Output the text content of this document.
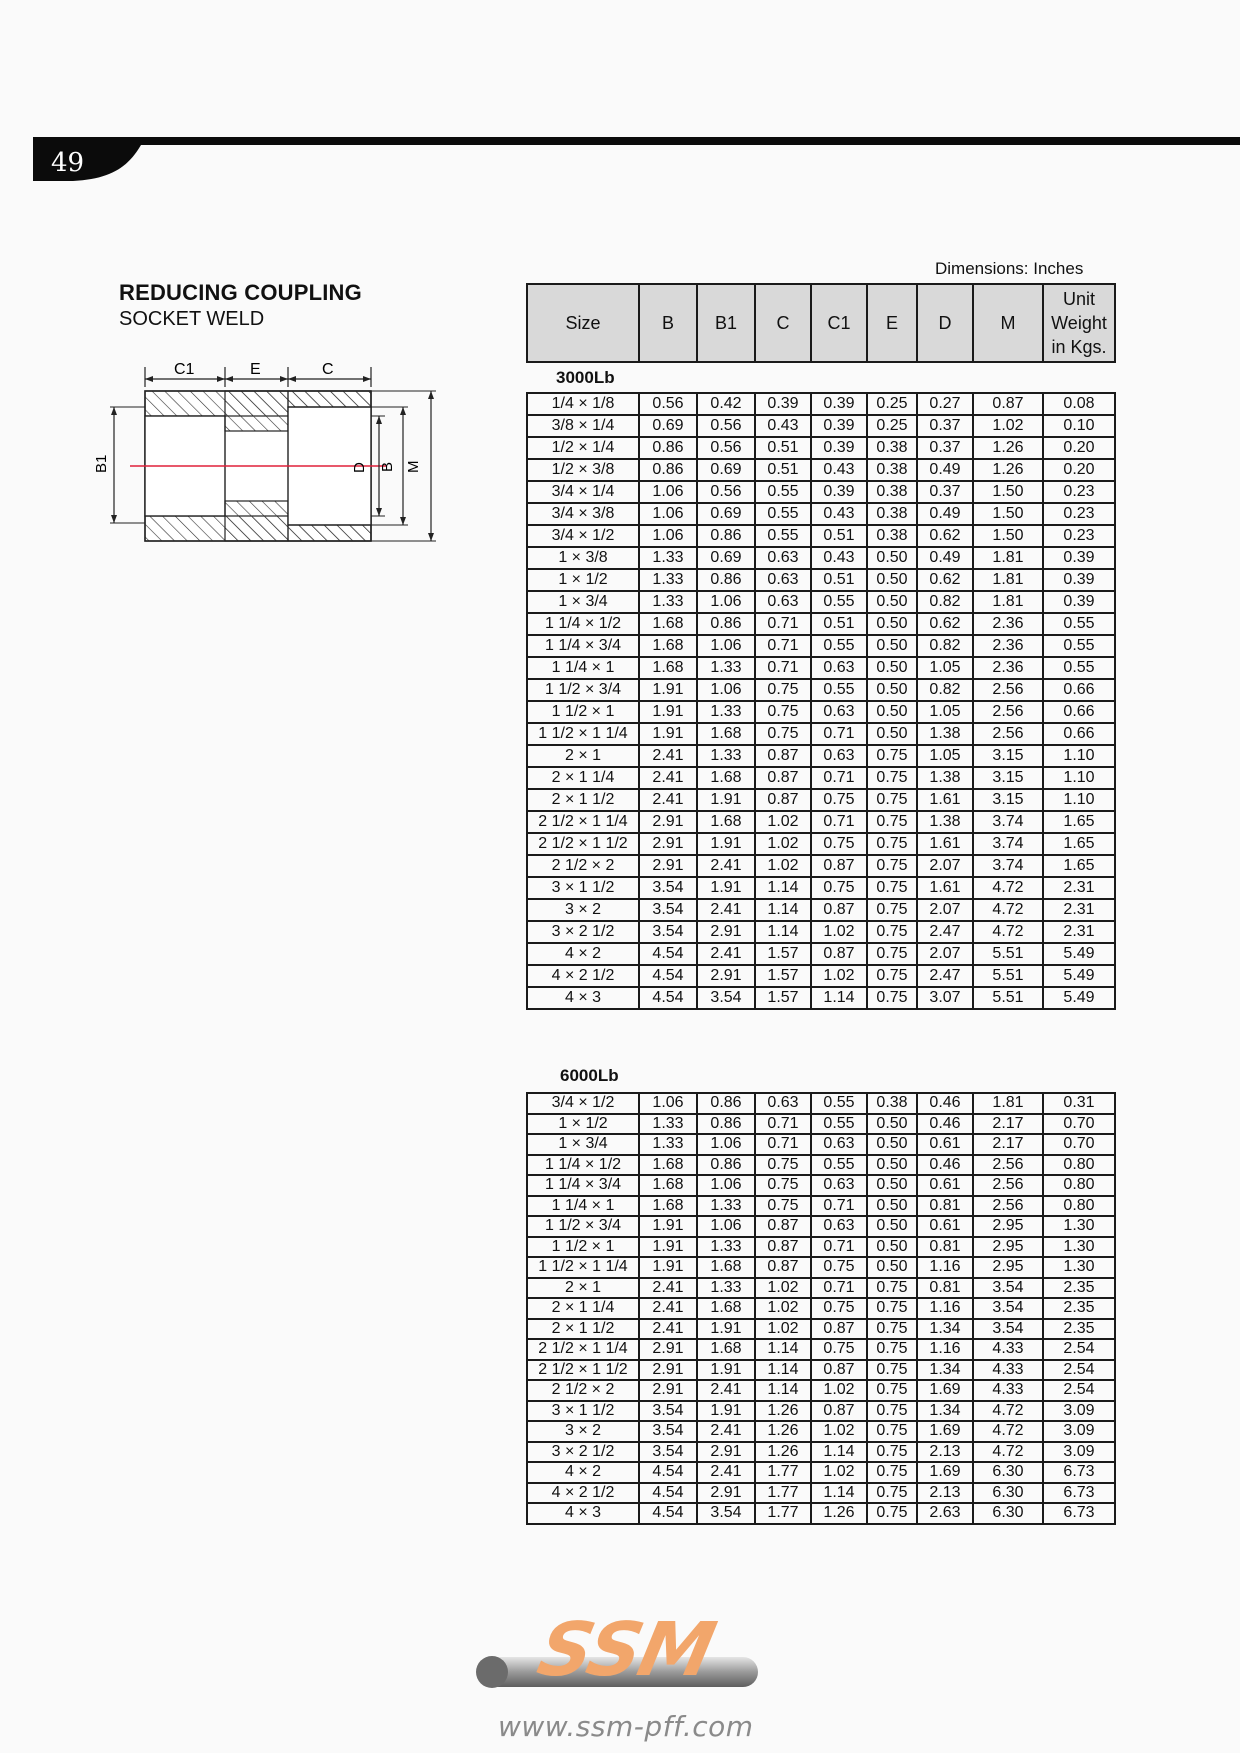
49
REDUCING COUPLING
SOCKET WELD
Dimensions: Inches
C1	E	C
B1	D B M
Size	B	B1	C	C1	E	D	M	Unit Weight in Kgs.
3000Lb
1/4 × 1/8	0.56	0.42	0.39	0.39	0.25	0.27	0.87	0.08
3/8 × 1/4	0.69	0.56	0.43	0.39	0.25	0.37	1.02	0.10
1/2 × 1/4	0.86	0.56	0.51	0.39	0.38	0.37	1.26	0.20
1/2 × 3/8	0.86	0.69	0.51	0.43	0.38	0.49	1.26	0.20
3/4 × 1/4	1.06	0.56	0.55	0.39	0.38	0.37	1.50	0.23
3/4 × 3/8	1.06	0.69	0.55	0.43	0.38	0.49	1.50	0.23
3/4 × 1/2	1.06	0.86	0.55	0.51	0.38	0.62	1.50	0.23
1 × 3/8	1.33	0.69	0.63	0.43	0.50	0.49	1.81	0.39
1 × 1/2	1.33	0.86	0.63	0.51	0.50	0.62	1.81	0.39
1 × 3/4	1.33	1.06	0.63	0.55	0.50	0.82	1.81	0.39
1 1/4 × 1/2	1.68	0.86	0.71	0.51	0.50	0.62	2.36	0.55
1 1/4 × 3/4	1.68	1.06	0.71	0.55	0.50	0.82	2.36	0.55
1 1/4 × 1	1.68	1.33	0.71	0.63	0.50	1.05	2.36	0.55
1 1/2 × 3/4	1.91	1.06	0.75	0.55	0.50	0.82	2.56	0.66
1 1/2 × 1	1.91	1.33	0.75	0.63	0.50	1.05	2.56	0.66
1 1/2 × 1 1/4	1.91	1.68	0.75	0.71	0.50	1.38	2.56	0.66
2 × 1	2.41	1.33	0.87	0.63	0.75	1.05	3.15	1.10
2 × 1 1/4	2.41	1.68	0.87	0.71	0.75	1.38	3.15	1.10
2 × 1 1/2	2.41	1.91	0.87	0.75	0.75	1.61	3.15	1.10
2 1/2 × 1 1/4	2.91	1.68	1.02	0.71	0.75	1.38	3.74	1.65
2 1/2 × 1 1/2	2.91	1.91	1.02	0.75	0.75	1.61	3.74	1.65
2 1/2 × 2	2.91	2.41	1.02	0.87	0.75	2.07	3.74	1.65
3 × 1 1/2	3.54	1.91	1.14	0.75	0.75	1.61	4.72	2.31
3 × 2	3.54	2.41	1.14	0.87	0.75	2.07	4.72	2.31
3 × 2 1/2	3.54	2.91	1.14	1.02	0.75	2.47	4.72	2.31
4 × 2	4.54	2.41	1.57	0.87	0.75	2.07	5.51	5.49
4 × 2 1/2	4.54	2.91	1.57	1.02	0.75	2.47	5.51	5.49
4 × 3	4.54	3.54	1.57	1.14	0.75	3.07	5.51	5.49
6000Lb
3/4 × 1/2	1.06	0.86	0.63	0.55	0.38	0.46	1.81	0.31
1 × 1/2	1.33	0.86	0.71	0.55	0.50	0.46	2.17	0.70
1 × 3/4	1.33	1.06	0.71	0.63	0.50	0.61	2.17	0.70
1 1/4 × 1/2	1.68	0.86	0.75	0.55	0.50	0.46	2.56	0.80
1 1/4 × 3/4	1.68	1.06	0.75	0.63	0.50	0.61	2.56	0.80
1 1/4 × 1	1.68	1.33	0.75	0.71	0.50	0.81	2.56	0.80
1 1/2 × 3/4	1.91	1.06	0.87	0.63	0.50	0.61	2.95	1.30
1 1/2 × 1	1.91	1.33	0.87	0.71	0.50	0.81	2.95	1.30
1 1/2 × 1 1/4	1.91	1.68	0.87	0.75	0.50	1.16	2.95	1.30
2 × 1	2.41	1.33	1.02	0.71	0.75	0.81	3.54	2.35
2 × 1 1/4	2.41	1.68	1.02	0.75	0.75	1.16	3.54	2.35
2 × 1 1/2	2.41	1.91	1.02	0.87	0.75	1.34	3.54	2.35
2 1/2 × 1 1/4	2.91	1.68	1.14	0.75	0.75	1.16	4.33	2.54
2 1/2 × 1 1/2	2.91	1.91	1.14	0.87	0.75	1.34	4.33	2.54
2 1/2 × 2	2.91	2.41	1.14	1.02	0.75	1.69	4.33	2.54
3 × 1 1/2	3.54	1.91	1.26	0.87	0.75	1.34	4.72	3.09
3 × 2	3.54	2.41	1.26	1.02	0.75	1.69	4.72	3.09
3 × 2 1/2	3.54	2.91	1.26	1.14	0.75	2.13	4.72	3.09
4 × 2	4.54	2.41	1.77	1.02	0.75	1.69	6.30	6.73
4 × 2 1/2	4.54	2.91	1.77	1.14	0.75	2.13	6.30	6.73
4 × 3	4.54	3.54	1.77	1.26	0.75	2.63	6.30	6.73
SSM
www.ssm-pff.com
